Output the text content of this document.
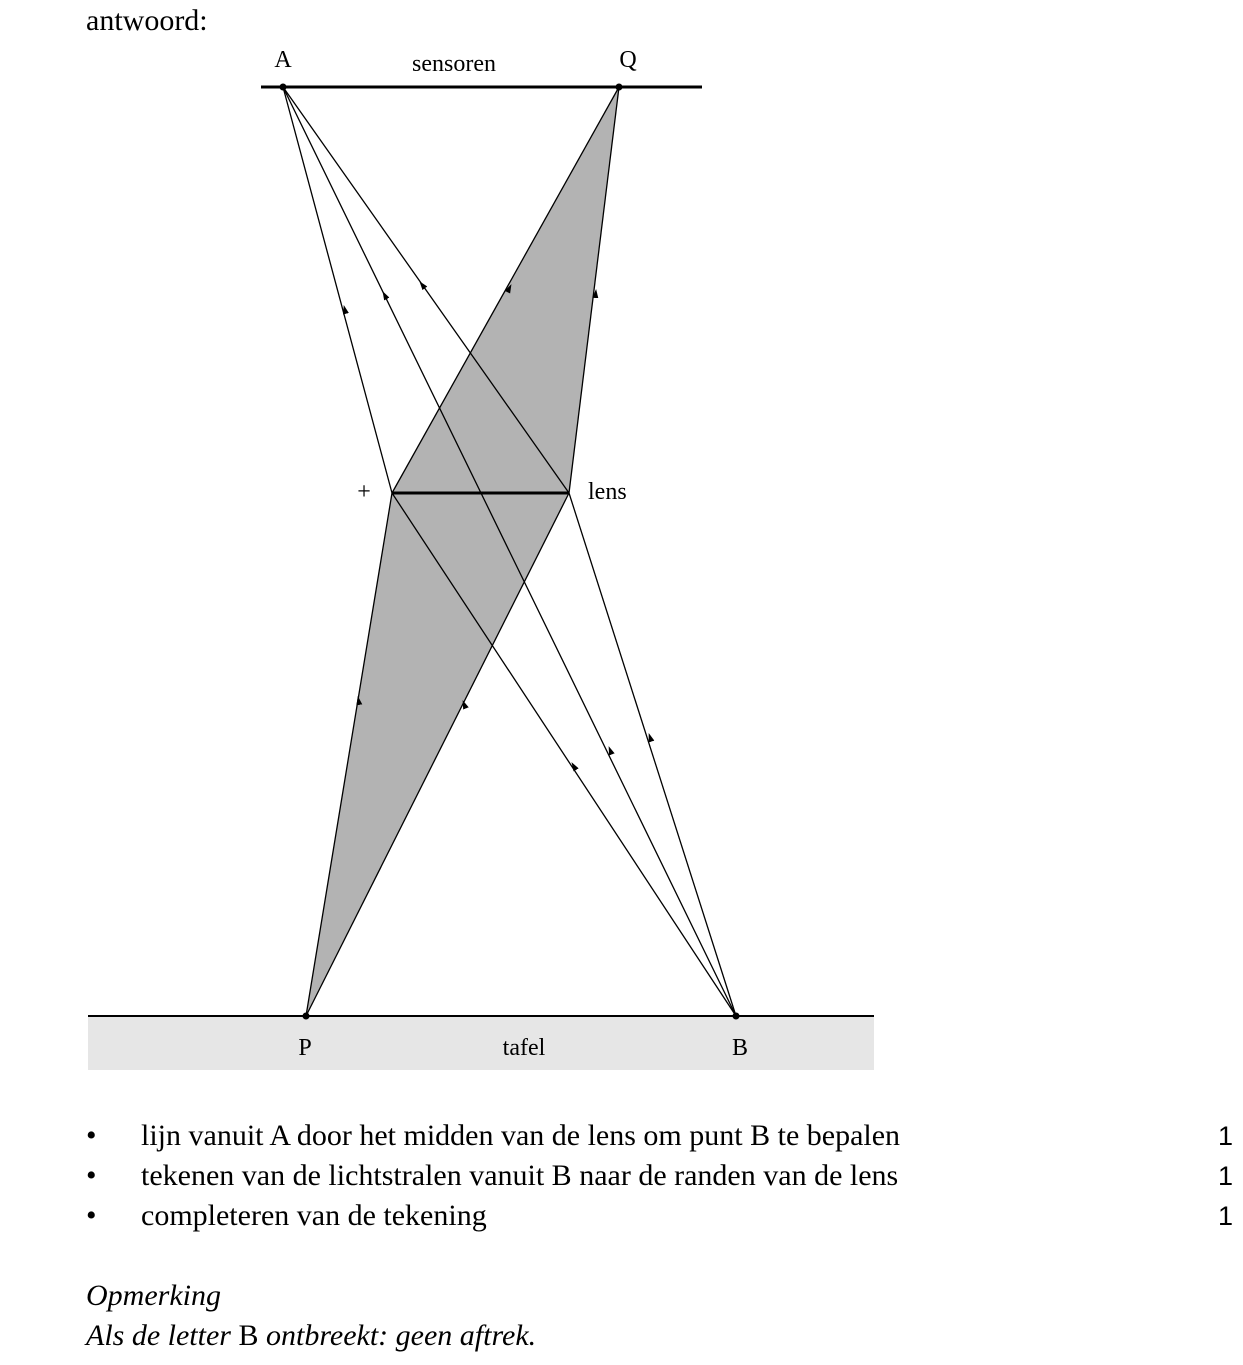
antwoord:
A	sensoren	Q
+	lens
P	tafel	B
• lijn vanuit A door het midden van de lens om punt B te bepalen	1
• tekenen van de lichtstralen vanuit B naar de randen van de lens	1
• completeren van de tekening	1
Opmerking
Als de letter B ontbreekt: geen aftrek.
